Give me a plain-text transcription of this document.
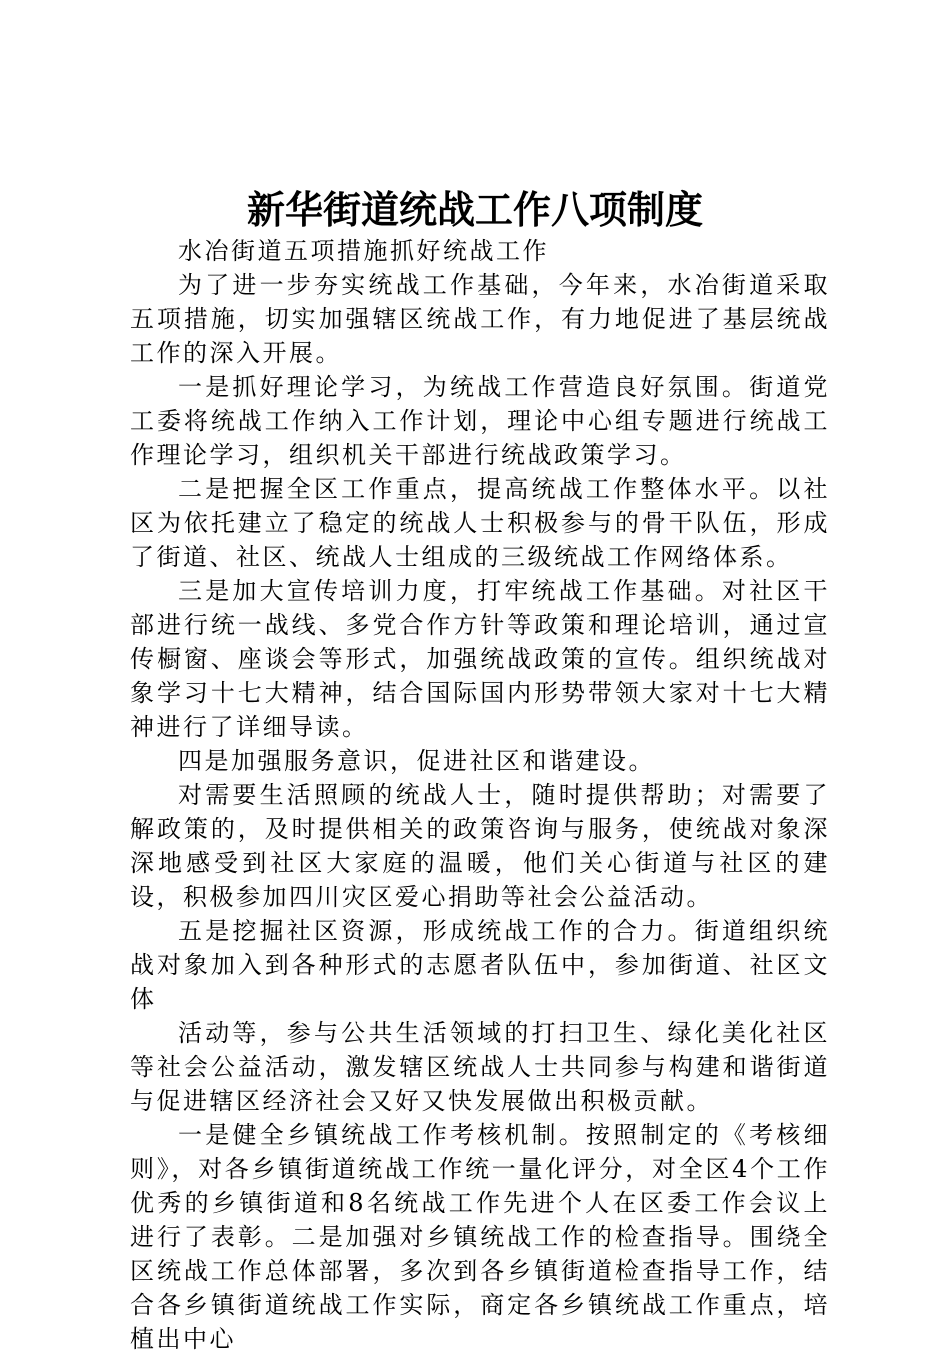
新华街道统战工作八项制度

水冶街道五项措施抓好统战工作

为了进一步夯实统战工作基础，今年来，水冶街道采取五项措施，切实加强辖区统战工作，有力地促进了基层统战工作的深入开展。

一是抓好理论学习，为统战工作营造良好氛围。街道党工委将统战工作纳入工作计划，理论中心组专题进行统战工作理论学习，组织机关干部进行统战政策学习。

二是把握全区工作重点，提高统战工作整体水平。以社区为依托建立了稳定的统战人士积极参与的骨干队伍，形成了街道、社区、统战人士组成的三级统战工作网络体系。

三是加大宣传培训力度，打牢统战工作基础。对社区干部进行统一战线、多党合作方针等政策和理论培训，通过宣传橱窗、座谈会等形式，加强统战政策的宣传。组织统战对象学习十七大精神，结合国际国内形势带领大家对十七大精神进行了详细导读。

四是加强服务意识，促进社区和谐建设。

对需要生活照顾的统战人士，随时提供帮助；对需要了解政策的，及时提供相关的政策咨询与服务，使统战对象深深地感受到社区大家庭的温暖，他们关心街道与社区的建设，积极参加四川灾区爱心捐助等社会公益活动。

五是挖掘社区资源，形成统战工作的合力。街道组织统战对象加入到各种形式的志愿者队伍中，参加街道、社区文体

活动等，参与公共生活领域的打扫卫生、绿化美化社区等社会公益活动，激发辖区统战人士共同参与构建和谐街道与促进辖区经济社会又好又快发展做出积极贡献。

一是健全乡镇统战工作考核机制。按照制定的《考核细则》，对各乡镇街道统战工作统一量化评分，对全区4个工作优秀的乡镇街道和8名统战工作先进个人在区委工作会议上进行了表彰。二是加强对乡镇统战工作的检查指导。围绕全区统战工作总体部署，多次到各乡镇街道检查指导工作，结合各乡镇街道统战工作实际，商定各乡镇统战工作重点，培植出中心
